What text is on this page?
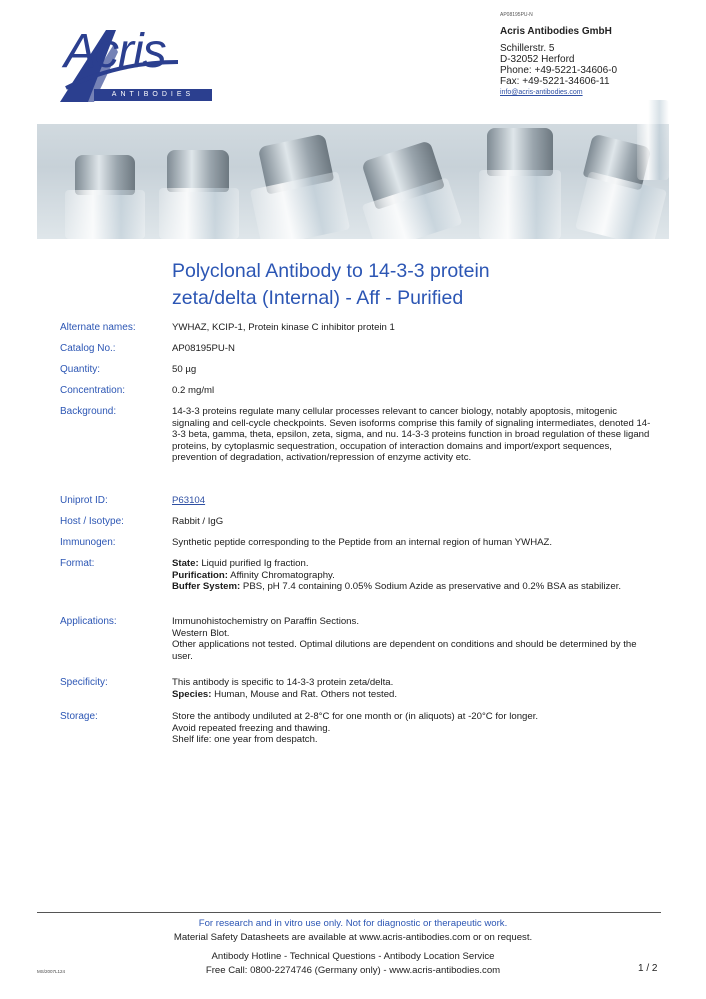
Acris
ANTIBODIES
AP08195PU-N
Acris Antibodies GmbH
Schillerstr. 5
D-32052 Herford
Phone: +49-5221-34606-0
Fax: +49-5221-34606-11
info@acris-antibodies.com
Polyclonal Antibody to 14-3-3 protein
zeta/delta (Internal) - Aff - Purified
Alternate names:	YWHAZ, KCIP-1, Protein kinase C inhibitor protein 1
Catalog No.:	AP08195PU-N
Quantity:	50 µg
Concentration:	0.2 mg/ml
Background:	14-3-3 proteins regulate many cellular processes relevant to cancer biology, notably apoptosis, mitogenic signaling and cell-cycle checkpoints. Seven isoforms comprise this family of signaling intermediates, denoted 14-3-3 beta, gamma, theta, epsilon, zeta, sigma, and nu. 14-3-3 proteins function in broad regulation of these ligand proteins, by cytoplasmic sequestration, occupation of interaction domains and import/export sequences, prevention of degradation, activation/repression of enzyme activity etc.
Uniprot ID:	P63104
Host / Isotype:	Rabbit / IgG
Immunogen:	Synthetic peptide corresponding to the Peptide from an internal region of human YWHAZ.
Format:	State: Liquid purified Ig fraction.
Purification: Affinity Chromatography.
Buffer System: PBS, pH 7.4 containing 0.05% Sodium Azide as preservative and 0.2% BSA as stabilizer.
Applications:	Immunohistochemistry on Paraffin Sections.
Western Blot.
Other applications not tested. Optimal dilutions are dependent on conditions and should be determined by the user.
Specificity:	This antibody is specific to 14-3-3 protein zeta/delta.
Species: Human, Mouse and Rat. Others not tested.
Storage:	Store the antibody undiluted at 2-8°C for one month or (in aliquots) at -20°C for longer.
Avoid repeated freezing and thawing.
Shelf life: one year from despatch.
For research and in vitro use only. Not for diagnostic or therapeutic work.
Material Safety Datasheets are available at www.acris-antibodies.com or on request.
Antibody Hotline - Technical Questions - Antibody Location Service
Free Call: 0800-2274746 (Germany only) - www.acris-antibodies.com
MS/2007L124	1 / 2
